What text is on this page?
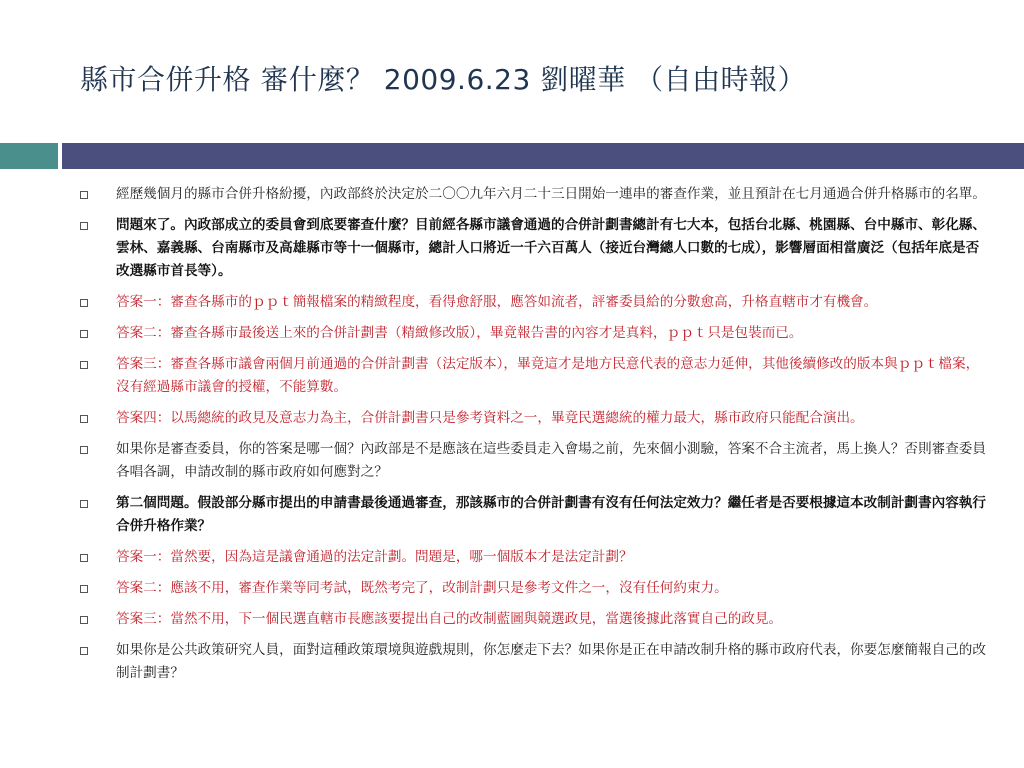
縣市合併升格 審什麼？ 2009.6.23 劉曜華 （自由時報）
經歷幾個月的縣市合併升格紛擾，內政部終於決定於二〇〇九年六月二十三日開始一連串的審查作業，並且預計在七月通過合併升格縣市的名單。
問題來了。內政部成立的委員會到底要審查什麼？目前經各縣市議會通過的合併計劃書總計有七大本，包括台北縣、桃園縣、台中縣市、彰化縣、雲林、嘉義縣、台南縣市及高雄縣市等十一個縣市，總計人口將近一千六百萬人（接近台灣總人口數的七成），影響層面相當廣泛（包括年底是否改選縣市首長等）。
答案一：審查各縣市的ｐｐｔ簡報檔案的精緻程度，看得愈舒服，應答如流者，評審委員給的分數愈高，升格直轄市才有機會。
答案二：審查各縣市最後送上來的合併計劃書（精緻修改版），畢竟報告書的內容才是真料，ｐｐｔ只是包裝而已。
答案三：審查各縣市議會兩個月前通過的合併計劃書（法定版本），畢竟這才是地方民意代表的意志力延伸，其他後續修改的版本與ｐｐｔ檔案，沒有經過縣市議會的授權，不能算數。
答案四：以馬總統的政見及意志力為主，合併計劃書只是參考資料之一，畢竟民選總統的權力最大，縣市政府只能配合演出。
如果你是審查委員，你的答案是哪一個？內政部是不是應該在這些委員走入會場之前，先來個小測驗，答案不合主流者，馬上換人？否則審查委員各唱各調，申請改制的縣市政府如何應對之？
第二個問題。假設部分縣市提出的申請書最後通過審查，那該縣市的合併計劃書有沒有任何法定效力？繼任者是否要根據這本改制計劃書內容執行合併升格作業？
答案一：當然要，因為這是議會通過的法定計劃。問題是，哪一個版本才是法定計劃？
答案二：應該不用，審查作業等同考試，既然考完了，改制計劃只是參考文件之一，沒有任何約束力。
答案三：當然不用，下一個民選直轄市長應該要提出自己的改制藍圖與競選政見，當選後據此落實自己的政見。
如果你是公共政策研究人員，面對這種政策環境與遊戲規則，你怎麼走下去？如果你是正在申請改制升格的縣市政府代表，你要怎麼簡報自己的改制計劃書？
